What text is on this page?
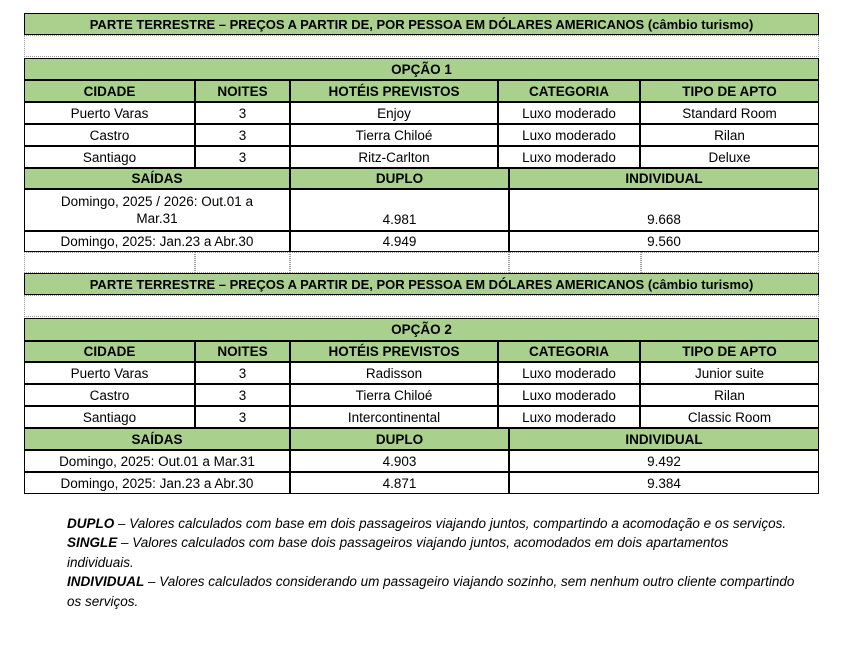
PARTE TERRESTRE – PREÇOS A PARTIR DE, POR PESSOA EM DÓLARES AMERICANOS (câmbio turismo)
OPÇÃO 1
CIDADE	NOITES	HOTÉIS PREVISTOS	CATEGORIA	TIPO DE APTO
Puerto Varas	3	Enjoy	Luxo moderado	Standard Room
Castro	3	Tierra Chiloé	Luxo moderado	Rilan
Santiago	3	Ritz-Carlton	Luxo moderado	Deluxe
SAÍDAS	DUPLO	INDIVIDUAL
Domingo, 2025 / 2026: Out.01 a Mar.31	4.981	9.668
Domingo, 2025: Jan.23 a Abr.30	4.949	9.560
PARTE TERRESTRE – PREÇOS A PARTIR DE, POR PESSOA EM DÓLARES AMERICANOS (câmbio turismo)
OPÇÃO 2
CIDADE	NOITES	HOTÉIS PREVISTOS	CATEGORIA	TIPO DE APTO
Puerto Varas	3	Radisson	Luxo moderado	Junior suite
Castro	3	Tierra Chiloé	Luxo moderado	Rilan
Santiago	3	Intercontinental	Luxo moderado	Classic Room
SAÍDAS	DUPLO	INDIVIDUAL
Domingo, 2025: Out.01 a Mar.31	4.903	9.492
Domingo, 2025: Jan.23 a Abr.30	4.871	9.384

DUPLO – Valores calculados com base em dois passageiros viajando juntos, compartindo a acomodação e os serviços.

SINGLE – Valores calculados com base dois passageiros viajando juntos, acomodados em dois apartamentos individuais.

INDIVIDUAL – Valores calculados considerando um passageiro viajando sozinho, sem nenhum outro cliente compartindo os serviços.
